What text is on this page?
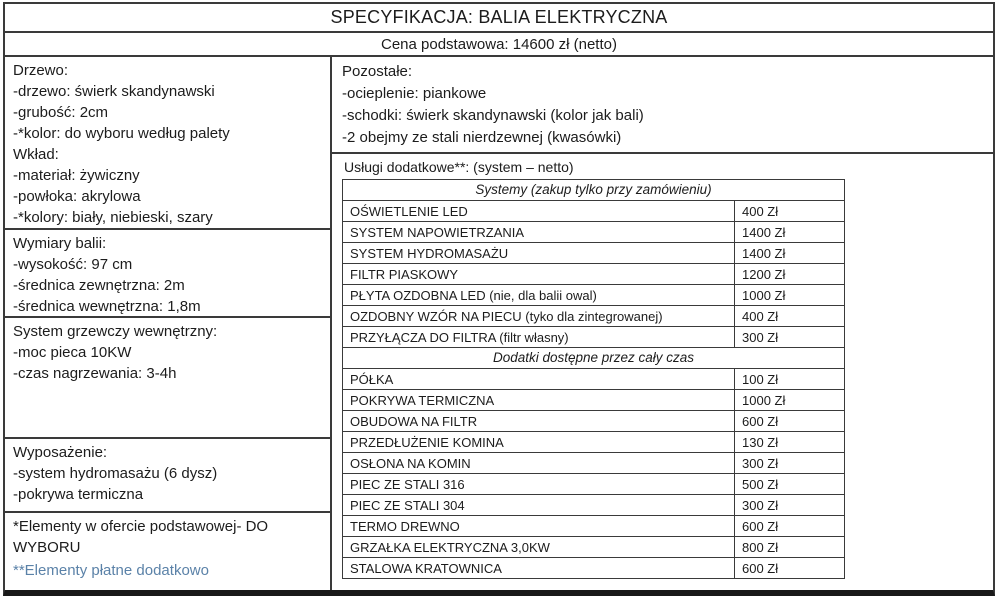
SPECYFIKACJA: BALIA ELEKTRYCZNA
Cena podstawowa: 14600 zł (netto)
Drzewo:
-drzewo: świerk skandynawski
-grubość: 2cm
-*kolor: do wyboru według palety
Wkład:
-materiał: żywiczny
-powłoka: akrylowa
-*kolory: biały, niebieski, szary
Wymiary balii:
-wysokość: 97 cm
-średnica zewnętrzna: 2m
-średnica wewnętrzna: 1,8m
System grzewczy wewnętrzny:
-moc pieca 10KW
-czas nagrzewania: 3-4h
Wyposażenie:
-system hydromasażu (6 dysz)
-pokrywa termiczna
*Elementy w ofercie podstawowej- DO WYBORU
**Elementy płatne dodatkowo
Pozostałe:
-ocieplenie: piankowe
-schodki: świerk skandynawski (kolor jak bali)
-2 obejmy ze stali nierdzewnej (kwasówki)
Usługi dodatkowe**: (system – netto)
Systemy (zakup tylko przy zamówieniu)	
OŚWIETLENIE LED	400 Zł
SYSTEM NAPOWIETRZANIA	1400 Zł
SYSTEM HYDROMASAŻU	1400 Zł
FILTR PIASKOWY	1200 Zł
PŁYTA OZDOBNA LED (nie, dla balii owal)	1000 Zł
OZDOBNY WZÓR NA PIECU (tyko dla zintegrowanej)	400 Zł
PRZYŁĄCZA DO FILTRA (filtr własny)	300 Zł
Dodatki dostępne przez cały czas	
PÓŁKA	100 Zł
POKRYWA TERMICZNA	1000 Zł
OBUDOWA NA FILTR	600 Zł
PRZEDŁUŻENIE KOMINA	130 Zł
OSŁONA NA KOMIN	300 Zł
PIEC ZE STALI 316	500 Zł
PIEC ZE STALI 304	300 Zł
TERMO DREWNO	600 Zł
GRZAŁKA ELEKTRYCZNA 3,0KW	800 Zł
STALOWA KRATOWNICA	600 Zł
